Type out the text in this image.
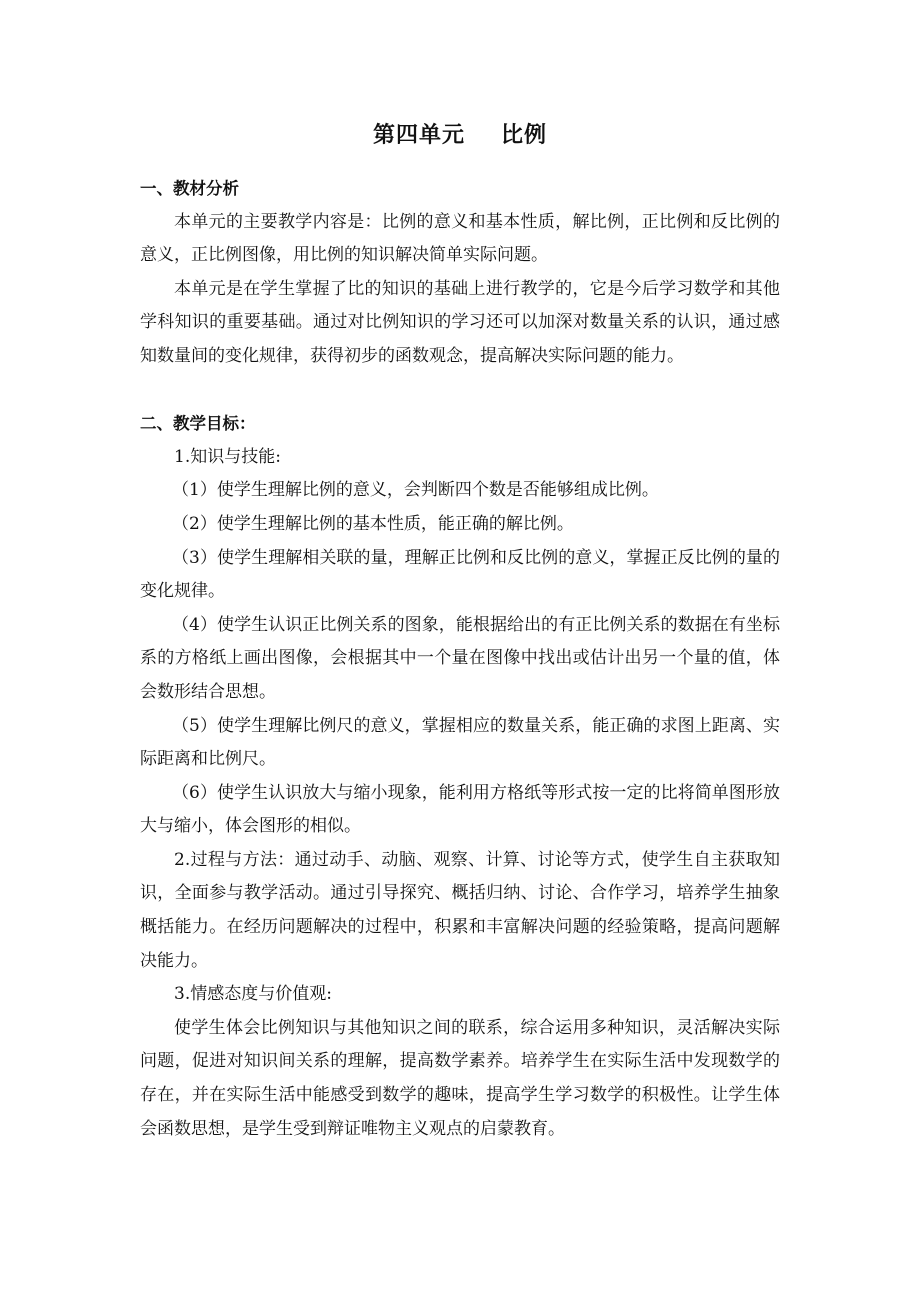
第四单元 比例

一、教材分析

本单元的主要教学内容是：比例的意义和基本性质，解比例，正比例和反比例的意义，正比例图像，用比例的知识解决简单实际问题。

本单元是在学生掌握了比的知识的基础上进行教学的，它是今后学习数学和其他学科知识的重要基础。通过对比例知识的学习还可以加深对数量关系的认识，通过感知数量间的变化规律，获得初步的函数观念，提高解决实际问题的能力。

二、教学目标：

1.知识与技能:

（1）使学生理解比例的意义，会判断四个数是否能够组成比例。

（2）使学生理解比例的基本性质，能正确的解比例。

（3）使学生理解相关联的量，理解正比例和反比例的意义，掌握正反比例的量的变化规律。

（4）使学生认识正比例关系的图象，能根据给出的有正比例关系的数据在有坐标系的方格纸上画出图像，会根据其中一个量在图像中找出或估计出另一个量的值，体会数形结合思想。

（5）使学生理解比例尺的意义，掌握相应的数量关系，能正确的求图上距离、实际距离和比例尺。

（6）使学生认识放大与缩小现象，能利用方格纸等形式按一定的比将简单图形放大与缩小，体会图形的相似。

2.过程与方法：通过动手、动脑、观察、计算、讨论等方式，使学生自主获取知识，全面参与教学活动。通过引导探究、概括归纳、讨论、合作学习，培养学生抽象概括能力。在经历问题解决的过程中，积累和丰富解决问题的经验策略，提高问题解决能力。

3.情感态度与价值观:

使学生体会比例知识与其他知识之间的联系，综合运用多种知识，灵活解决实际问题，促进对知识间关系的理解，提高数学素养。培养学生在实际生活中发现数学的存在，并在实际生活中能感受到数学的趣味，提高学生学习数学的积极性。让学生体会函数思想，是学生受到辩证唯物主义观点的启蒙教育。
